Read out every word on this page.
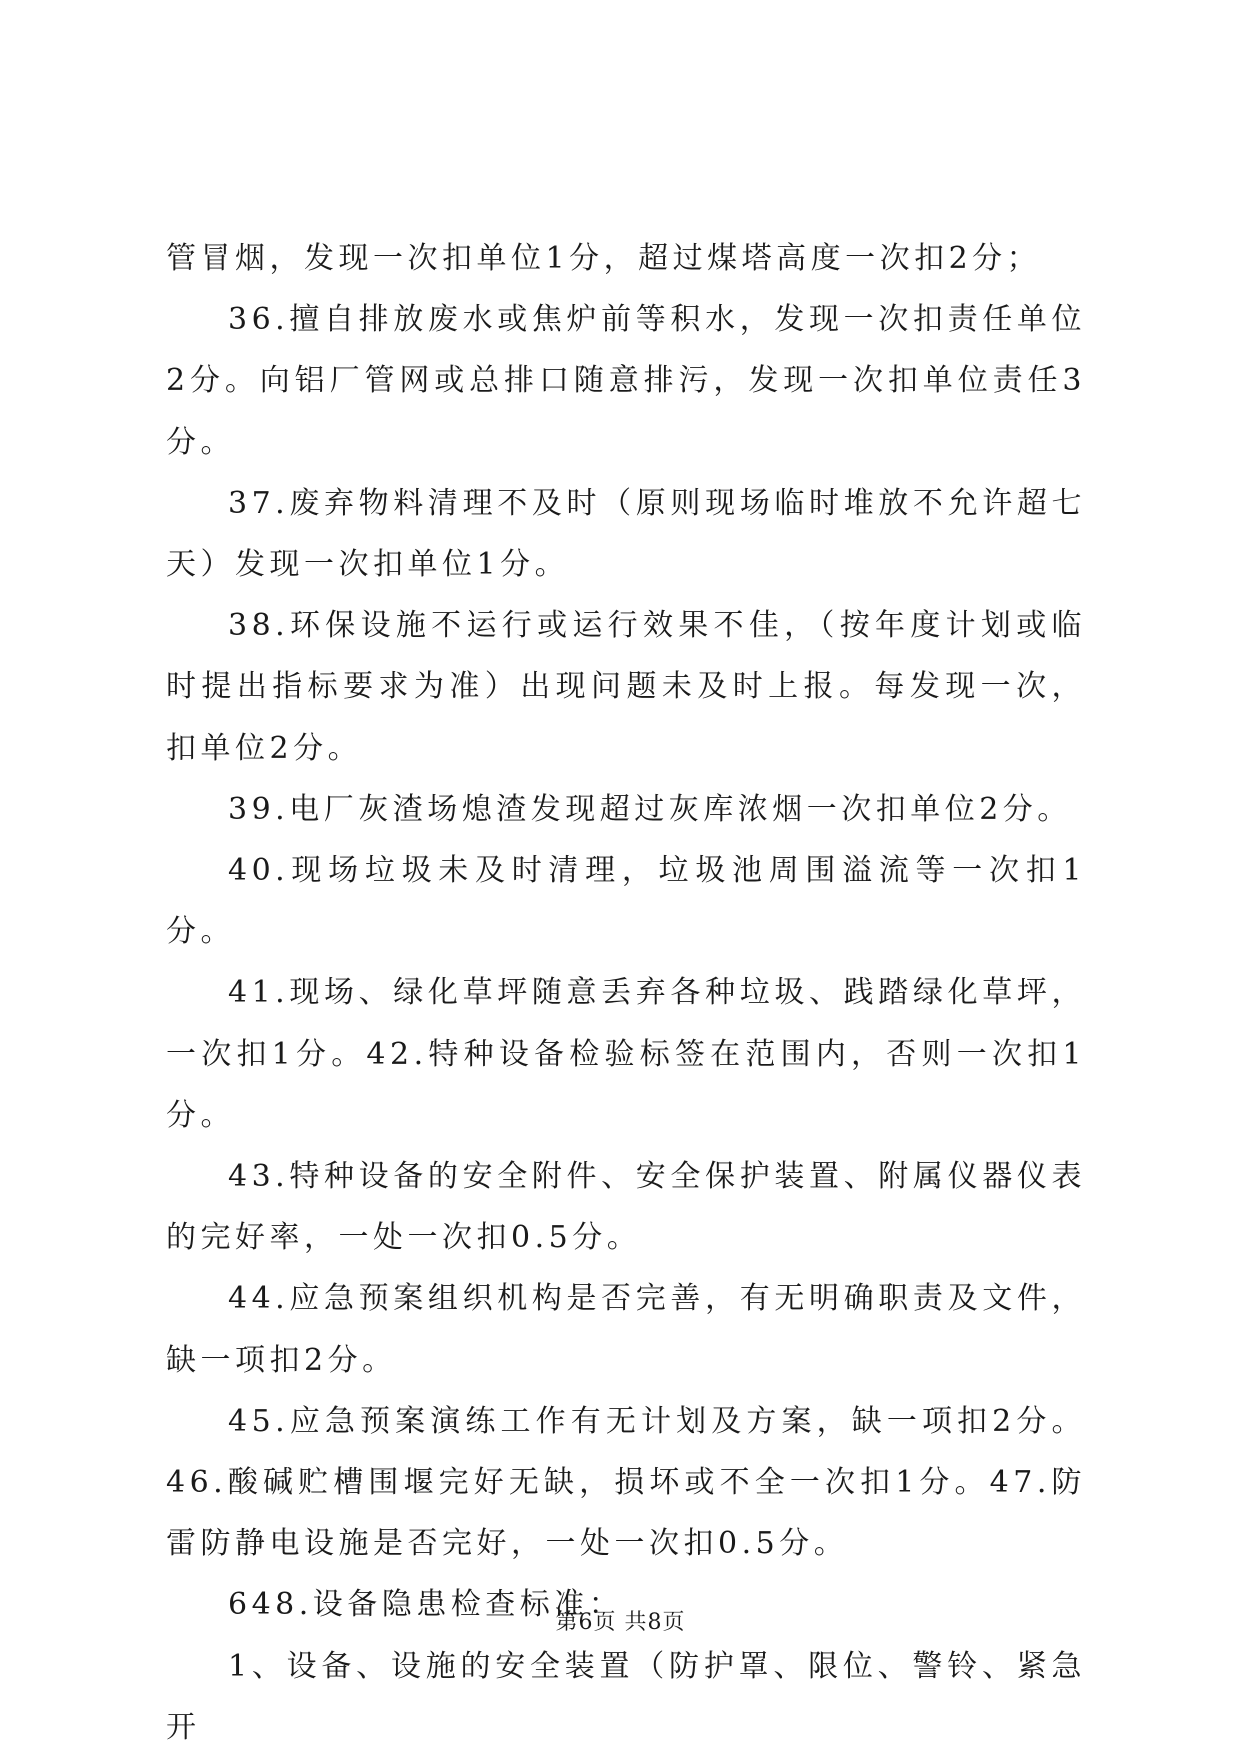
管冒烟，发现一次扣单位1分，超过煤塔高度一次扣2分；

36.擅自排放废水或焦炉前等积水，发现一次扣责任单位2分。向铝厂管网或总排口随意排污，发现一次扣单位责任3分。

37.废弃物料清理不及时（原则现场临时堆放不允许超七天）发现一次扣单位1分。

38.环保设施不运行或运行效果不佳，（按年度计划或临时提出指标要求为准）出现问题未及时上报。每发现一次，扣单位2分。

39.电厂灰渣场熄渣发现超过灰库浓烟一次扣单位2分。

40.现场垃圾未及时清理，垃圾池周围溢流等一次扣1分。

41.现场、绿化草坪随意丢弃各种垃圾、践踏绿化草坪，一次扣1分。42.特种设备检验标签在范围内，否则一次扣1分。

43.特种设备的安全附件、安全保护装置、附属仪器仪表的完好率，一处一次扣0.5分。

44.应急预案组织机构是否完善，有无明确职责及文件，缺一项扣2分。

45.应急预案演练工作有无计划及方案，缺一项扣2分。46.酸碱贮槽围堰完好无缺，损坏或不全一次扣1分。47.防雷防静电设施是否完好，一处一次扣0.5分。

648.设备隐患检查标准：

1、设备、设施的安全装置（防护罩、限位、警铃、紧急开

第6页 共8页
